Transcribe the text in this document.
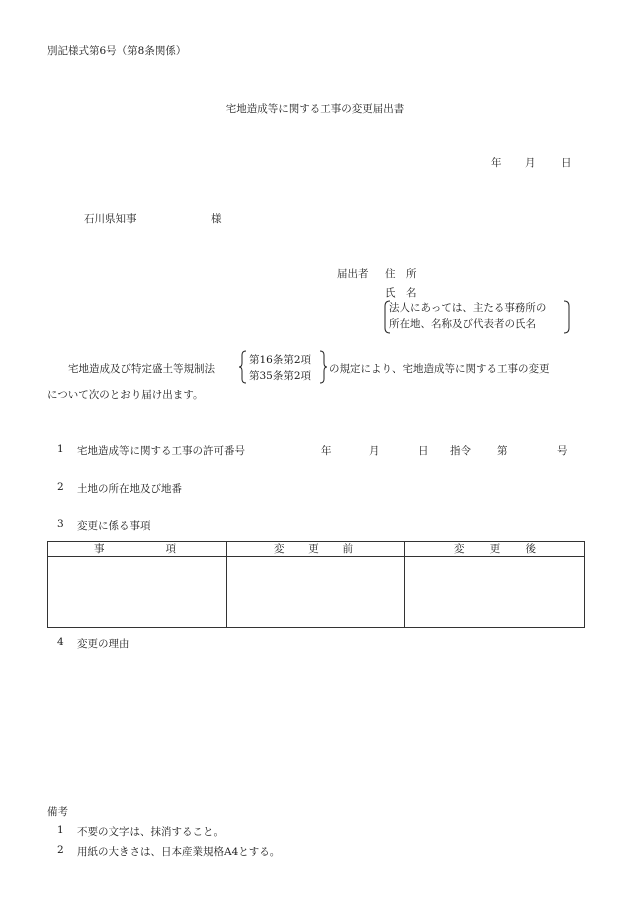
別記様式第6号（第8条関係）
宅地造成等に関する工事の変更届出書
年 月 日
石川県知事	様
届出者 住　所
氏　名
法人にあっては、主たる事務所の
所在地、名称及び代表者の氏名
宅地造成及び特定盛土等規制法
第16条第2項
第35条第2項
の規定により、宅地造成等に関する工事の変更
について次のとおり届け出ます。
1 宅地造成等に関する工事の許可番号	年	月	日 指令 第	号
2 土地の所在地及び地番
3 変更に係る事項
事 項	変 更 前	変 更 後

4 変更の理由
備考
1 不要の文字は、抹消すること。
2 用紙の大きさは、日本産業規格A4とする。
